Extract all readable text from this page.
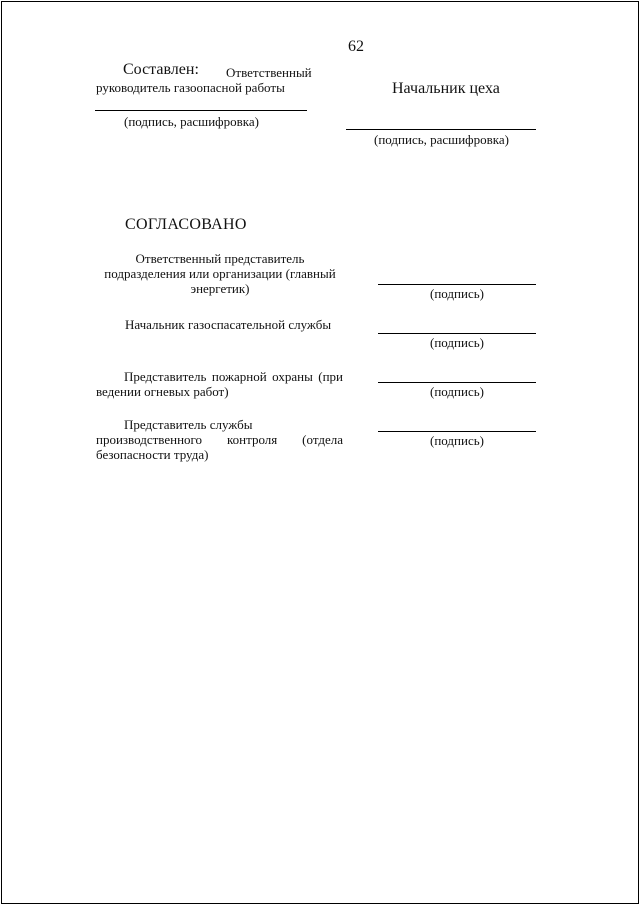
62
Составлен: Ответственный
руководитель газоопасной работы
(подпись, расшифровка)
Начальник цеха
(подпись, расшифровка)
СОГЛАСОВАНО
Ответственный представитель
подразделения или организации (главный
энергетик)	(подпись)
Начальник газоспасательной службы
(подпись)
Представитель пожарной охраны (при
ведении огневых работ)	(подпись)
Представитель службы
производственного контроля (отдела
безопасности труда)
(подпись)
